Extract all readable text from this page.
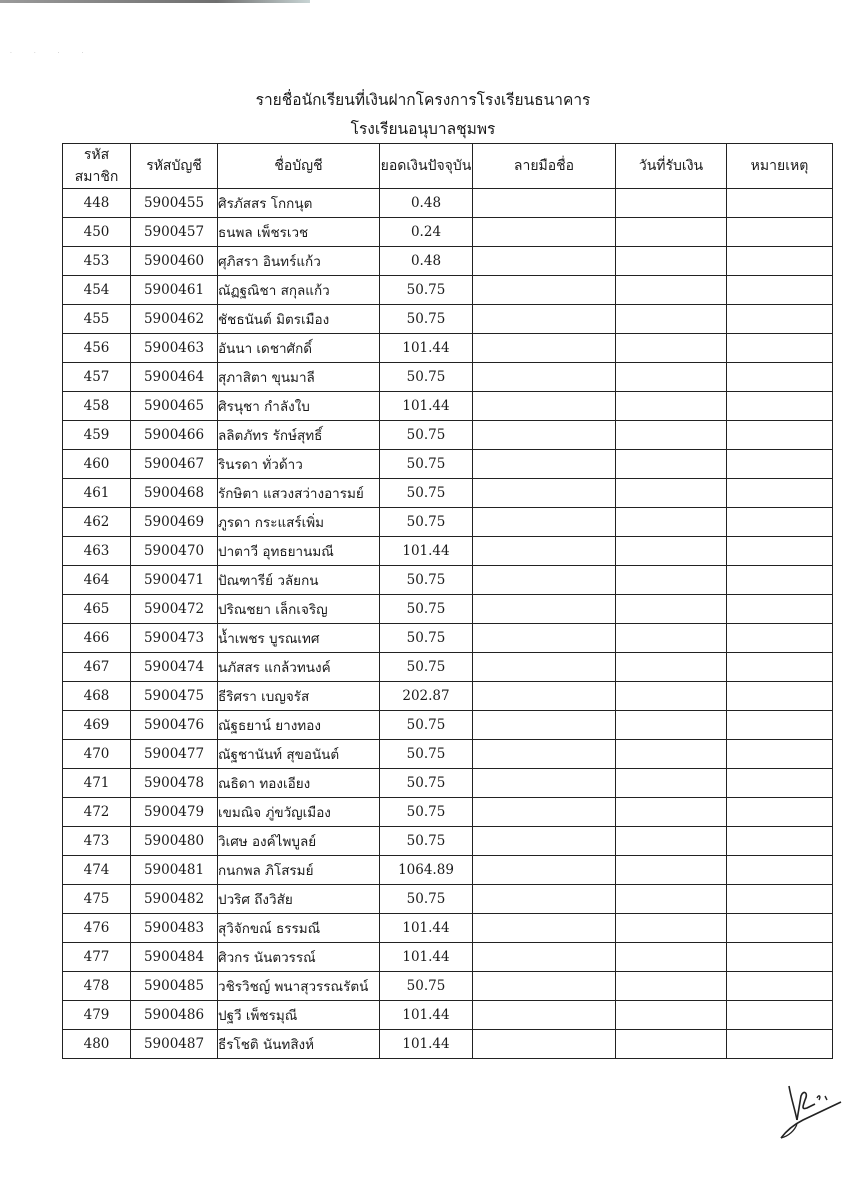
· · · ·
รายชื่อนักเรียนที่เงินฝากโครงการโรงเรียนธนาคาร
โรงเรียนอนุบาลชุมพร
รหัสสมาชิก	รหัสบัญชี	ชื่อบัญชี	ยอดเงินปัจจุบัน	ลายมือชื่อ	วันที่รับเงิน	หมายเหตุ
448	5900455	ศิรภัสสร โกกนุต	0.48			
450	5900457	ธนพล เพ็ชรเวช	0.24			
453	5900460	ศุภิสรา อินทร์แก้ว	0.48			
454	5900461	ณัฏฐณิชา สกุลแก้ว	50.75			
455	5900462	ชัชธนันต์ มิตรเมือง	50.75			
456	5900463	อันนา เดชาศักดิ์	101.44			
457	5900464	สุภาสิตา ขุนมาลี	50.75			
458	5900465	ศิรนุชา กำลังใบ	101.44			
459	5900466	ลลิตภัทร รักษ์สุทธิ์	50.75			
460	5900467	รินรดา ทั่วด้าว	50.75			
461	5900468	รักษิตา แสวงสว่างอารมย์	50.75			
462	5900469	ภูรดา กระแสร์เพิ่ม	50.75			
463	5900470	ปาตาวี อุทธยานมณี	101.44			
464	5900471	ปัณฑารีย์ วลัยกน	50.75			
465	5900472	ปริณชยา เล็กเจริญ	50.75			
466	5900473	น้ำเพชร บูรณเทศ	50.75			
467	5900474	นภัสสร แกล้วทนงค์	50.75			
468	5900475	ธีริศรา เบญจรัส	202.87			
469	5900476	ณัฐธยาน์ ยางทอง	50.75			
470	5900477	ณัฐชานันท์ สุขอนันต์	50.75			
471	5900478	ณธิดา ทองเอียง	50.75			
472	5900479	เขมณิจ ภู่ขวัญเมือง	50.75			
473	5900480	วิเศษ องค์ไพบูลย์	50.75			
474	5900481	กนกพล ภิโสรมย์	1064.89			
475	5900482	ปวริศ ถึงวิสัย	50.75			
476	5900483	สุวิจักขณ์ ธรรมณี	101.44			
477	5900484	ศิวกร นันตวรรณ์	101.44			
478	5900485	วชิรวิชญ์ พนาสุวรรณรัตน์	50.75			
479	5900486	ปฐวี เพ็ชรมุณี	101.44			
480	5900487	ธีรโชติ นันทสิงห์	101.44			
